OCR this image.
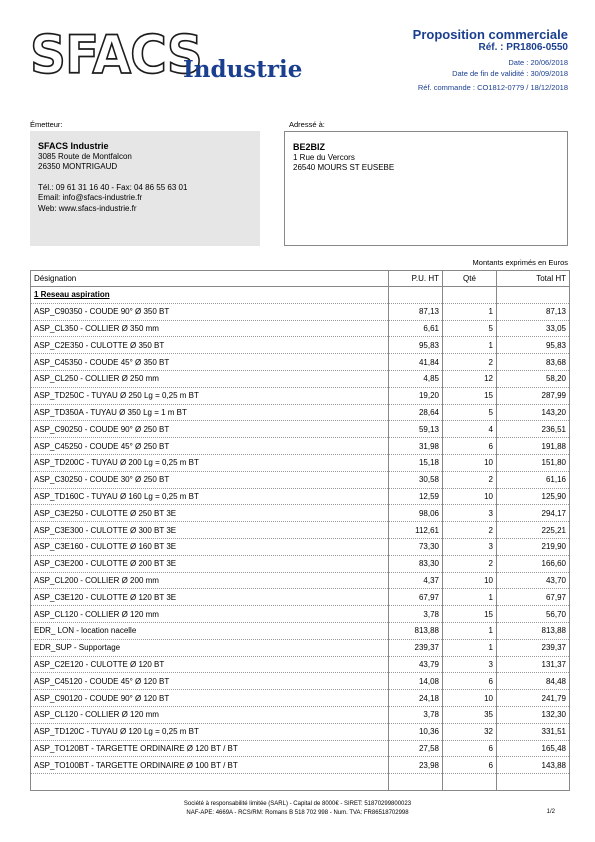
SFACS
Industrie
Proposition commerciale
Réf. : PR1806-0550
Date : 20/06/2018
Date de fin de validité : 30/09/2018
Réf. commande : CO1812-0779 / 18/12/2018
Émetteur:	Adressé à:
SFACS Industrie
3085 Route de Montfalcon
26350 MONTRIGAUD
Tél.: 09 61 31 16 40 - Fax: 04 86 55 63 01
Email: info@sfacs-industrie.fr
Web: www.sfacs-industrie.fr
BE2BIZ
1 Rue du Vercors
26540 MOURS ST EUSEBE
Montants exprimés en Euros
Désignation	P.U. HT	Qté	Total HT
1 Reseau aspiration			
ASP_C90350 - COUDE 90° Ø 350 BT	87,13	1	87,13
ASP_CL350 - COLLIER Ø 350 mm	6,61	5	33,05
ASP_C2E350 - CULOTTE Ø 350 BT	95,83	1	95,83
ASP_C45350 - COUDE 45° Ø 350 BT	41,84	2	83,68
ASP_CL250 - COLLIER Ø 250 mm	4,85	12	58,20
ASP_TD250C - TUYAU Ø 250 Lg = 0,25 m BT	19,20	15	287,99
ASP_TD350A - TUYAU Ø 350 Lg = 1 m BT	28,64	5	143,20
ASP_C90250 - COUDE 90° Ø 250 BT	59,13	4	236,51
ASP_C45250 - COUDE 45° Ø 250 BT	31,98	6	191,88
ASP_TD200C - TUYAU Ø 200 Lg = 0,25 m BT	15,18	10	151,80
ASP_C30250 - COUDE 30° Ø 250 BT	30,58	2	61,16
ASP_TD160C - TUYAU Ø 160 Lg = 0,25 m BT	12,59	10	125,90
ASP_C3E250 - CULOTTE Ø 250 BT 3E	98,06	3	294,17
ASP_C3E300 - CULOTTE Ø 300 BT 3E	112,61	2	225,21
ASP_C3E160 - CULOTTE Ø 160 BT 3E	73,30	3	219,90
ASP_C3E200 - CULOTTE Ø 200 BT 3E	83,30	2	166,60
ASP_CL200 - COLLIER Ø 200 mm	4,37	10	43,70
ASP_C3E120 - CULOTTE Ø 120 BT 3E	67,97	1	67,97
ASP_CL120 - COLLIER Ø 120 mm	3,78	15	56,70
EDR_ LON - location nacelle	813,88	1	813,88
EDR_SUP - Supportage	239,37	1	239,37
ASP_C2E120 - CULOTTE Ø 120 BT	43,79	3	131,37
ASP_C45120 - COUDE 45° Ø 120 BT	14,08	6	84,48
ASP_C90120 - COUDE 90° Ø 120 BT	24,18	10	241,79
ASP_CL120 - COLLIER Ø 120 mm	3,78	35	132,30
ASP_TD120C - TUYAU Ø 120 Lg = 0,25 m BT	10,36	32	331,51
ASP_TO120BT - TARGETTE ORDINAIRE Ø 120 BT / BT	27,58	6	165,48
ASP_TO100BT - TARGETTE ORDINAIRE Ø 100 BT / BT	23,98	6	143,88

Société à responsabilité limitée (SARL) - Capital de 8000€ - SIRET: 51870299800023
NAF-APE: 4669A - RCS/RM: Romans B 518 702 998 - Num. TVA: FR86518702998	1/2
